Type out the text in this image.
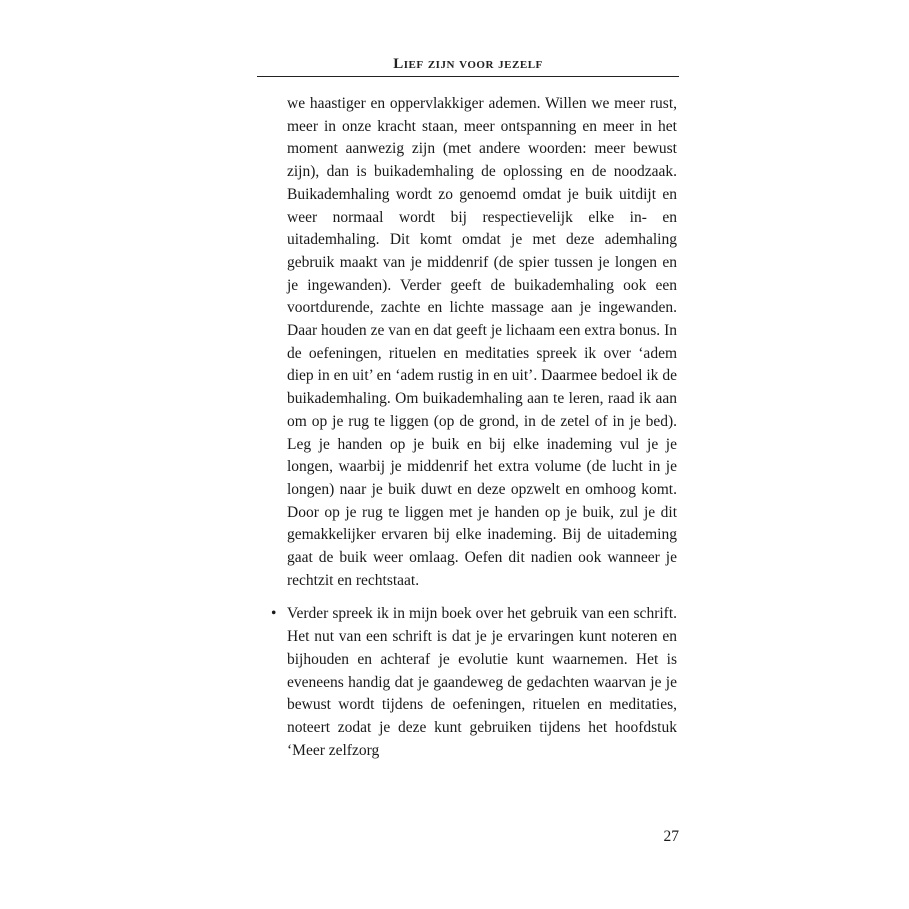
Lief zijn voor jezelf

we haastiger en oppervlakkiger ademen. Willen we meer rust, meer in onze kracht staan, meer ontspanning en meer in het moment aanwezig zijn (met andere woorden: meer bewust zijn), dan is buikademhaling de oplossing en de noodzaak. Buikademhaling wordt zo genoemd omdat je buik uitdijt en weer normaal wordt bij respectievelijk elke in- en uitademhaling. Dit komt omdat je met deze ademhaling gebruik maakt van je middenrif (de spier tussen je longen en je ingewanden). Verder geeft de buikademhaling ook een voortdurende, zachte en lichte massage aan je ingewanden. Daar houden ze van en dat geeft je lichaam een extra bonus. In de oefeningen, rituelen en meditaties spreek ik over ‘adem diep in en uit’ en ‘adem rustig in en uit’. Daarmee bedoel ik de buikademhaling. Om buikademhaling aan te leren, raad ik aan om op je rug te liggen (op de grond, in de zetel of in je bed). Leg je handen op je buik en bij elke inademing vul je je longen, waarbij je middenrif het extra volume (de lucht in je longen) naar je buik duwt en deze opzwelt en omhoog komt. Door op je rug te liggen met je handen op je buik, zul je dit gemakkelijker ervaren bij elke inademing. Bij de uitademing gaat de buik weer omlaag. Oefen dit nadien ook wanneer je rechtzit en rechtstaat.

• Verder spreek ik in mijn boek over het gebruik van een schrift. Het nut van een schrift is dat je je ervaringen kunt noteren en bijhouden en achteraf je evolutie kunt waarnemen. Het is eveneens handig dat je gaandeweg de gedachten waarvan je je bewust wordt tijdens de oefeningen, rituelen en meditaties, noteert zodat je deze kunt gebruiken tijdens het hoofdstuk ‘Meer zelfzorg

27
